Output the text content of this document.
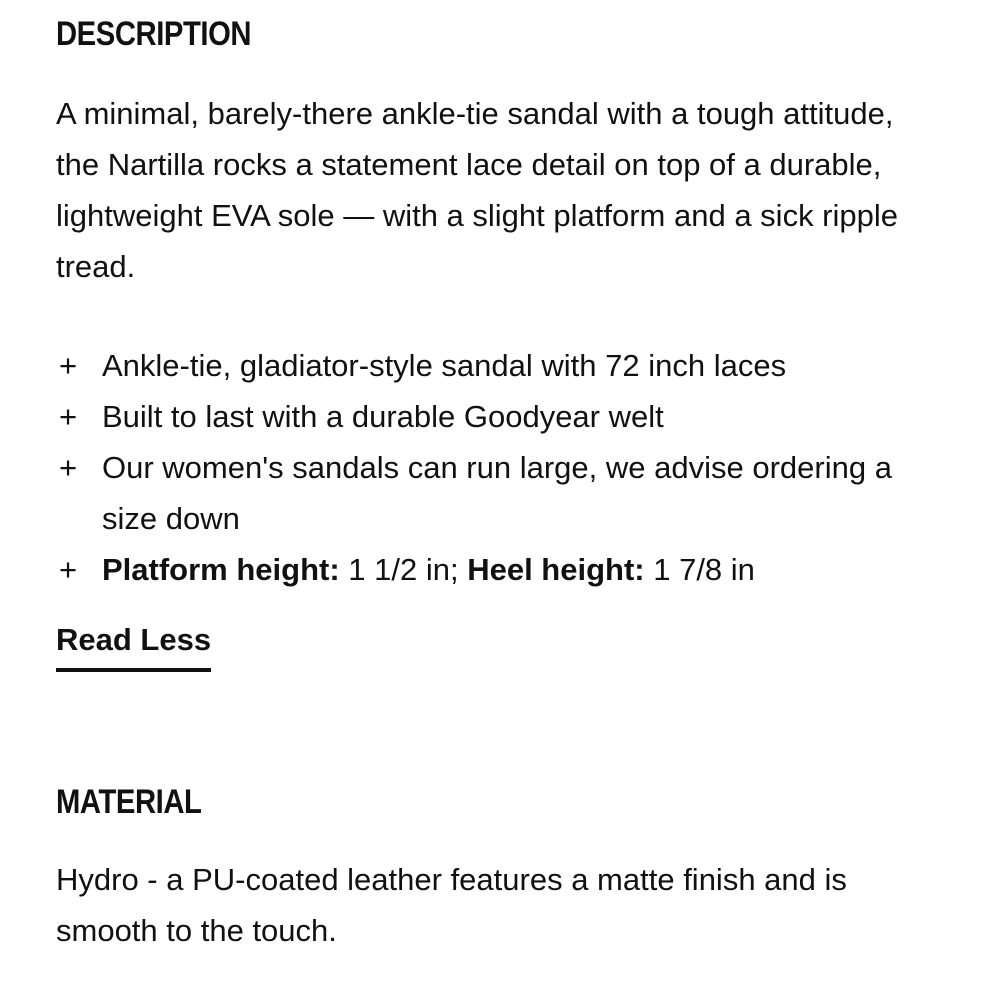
DESCRIPTION

A minimal, barely-there ankle-tie sandal with a tough attitude, the Nartilla rocks a statement lace detail on top of a durable, lightweight EVA sole — with a slight platform and a sick ripple tread.

+ Ankle-tie, gladiator-style sandal with 72 inch laces
+ Built to last with a durable Goodyear welt
+ Our women's sandals can run large, we advise ordering a size down
+ Platform height: 1 1/2 in; Heel height: 1 7/8 in
Read Less
MATERIAL

Hydro - a PU-coated leather features a matte finish and is smooth to the touch.
